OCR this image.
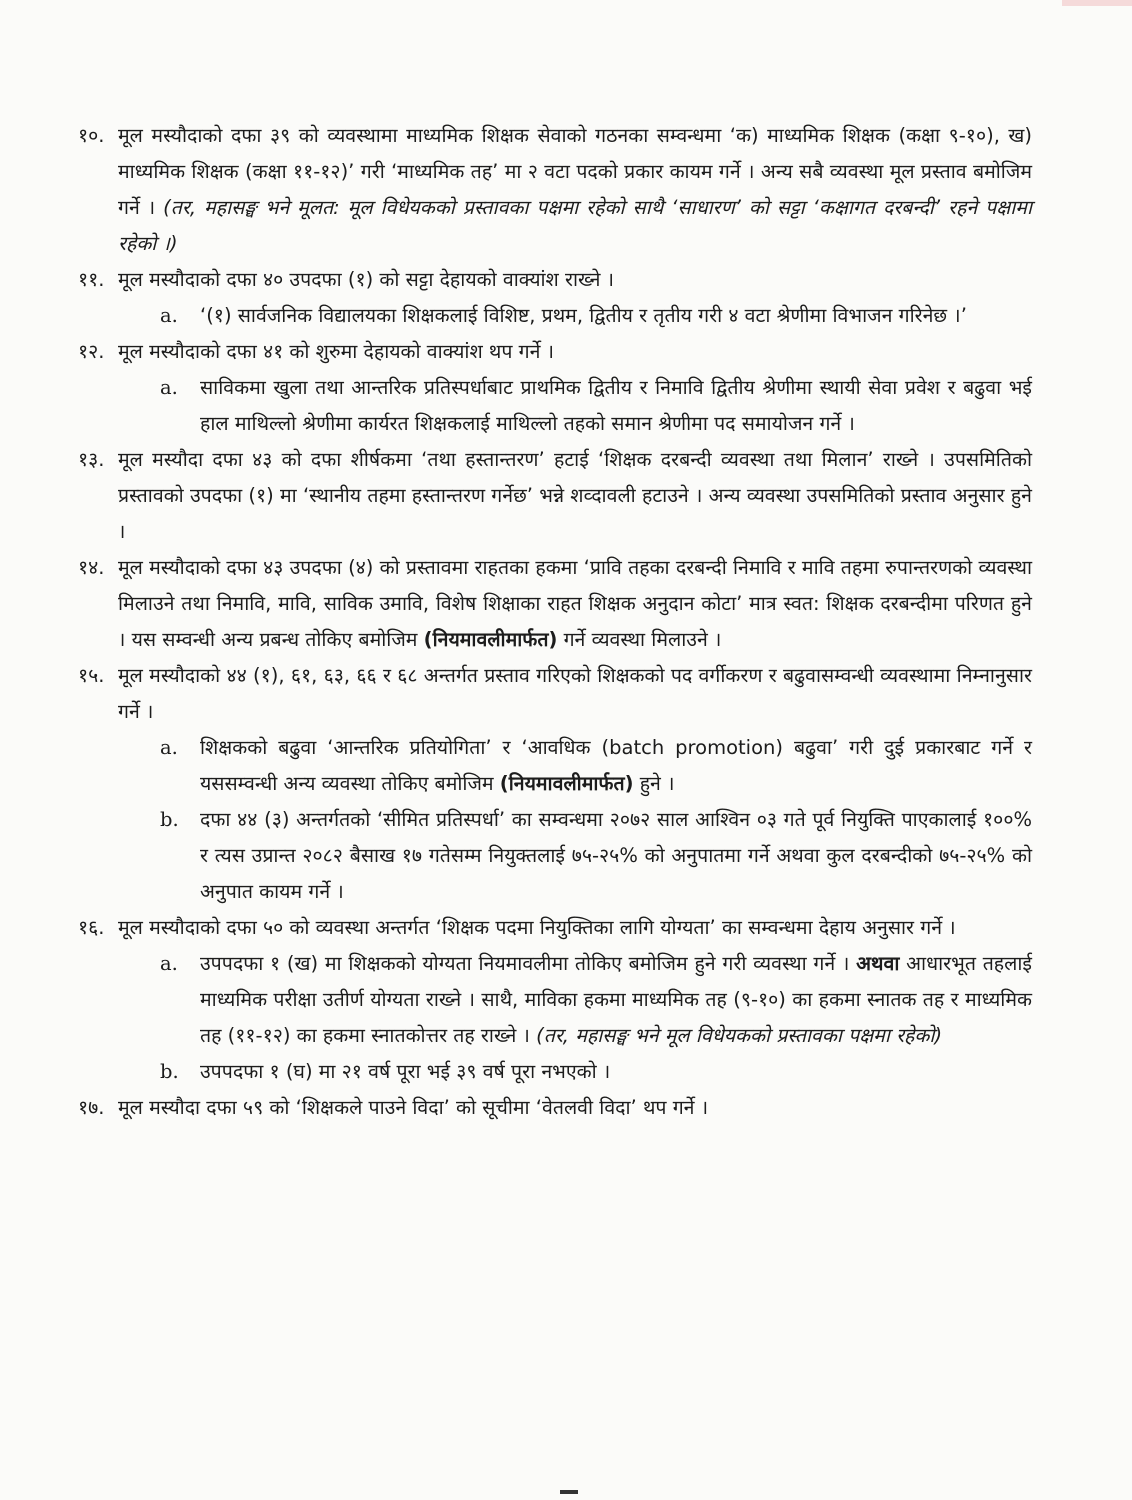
१०. मूल मस्यौदाको दफा ३९ को व्यवस्थामा माध्यमिक शिक्षक सेवाको गठनका सम्वन्धमा ‘क) माध्यमिक शिक्षक (कक्षा ९-१०), ख) माध्यमिक शिक्षक (कक्षा ११-१२)’ गरी ‘माध्यमिक तह’ मा २ वटा पदको प्रकार कायम गर्ने । अन्य सबै व्यवस्था मूल प्रस्ताव बमोजिम गर्ने । (तर, महासङ्घ भने मूलत: मूल विधेयकको प्रस्तावका पक्षमा रहेको साथै ‘साधारण’ को सट्टा ‘कक्षागत दरबन्दी’ रहने पक्षामा रहेको ।)
११. मूल मस्यौदाको दफा ४० उपदफा (१) को सट्टा देहायको वाक्यांश राख्ने ।
a. ‘(१) सार्वजनिक विद्यालयका शिक्षकलाई विशिष्ट, प्रथम, द्वितीय र तृतीय गरी ४ वटा श्रेणीमा विभाजन गरिनेछ ।’
१२. मूल मस्यौदाको दफा ४१ को शुरुमा देहायको वाक्यांश थप गर्ने ।
a. साविकमा खुला तथा आन्तरिक प्रतिस्पर्धाबाट प्राथमिक द्वितीय र निमावि द्वितीय श्रेणीमा स्थायी सेवा प्रवेश र बढुवा भई हाल माथिल्लो श्रेणीमा कार्यरत शिक्षकलाई माथिल्लो तहको समान श्रेणीमा पद समायोजन गर्ने ।
१३. मूल मस्यौदा दफा ४३ को दफा शीर्षकमा ‘तथा हस्तान्तरण’ हटाई ‘शिक्षक दरबन्दी व्यवस्था तथा मिलान’ राख्ने । उपसमितिको प्रस्तावको उपदफा (१) मा ‘स्थानीय तहमा हस्तान्तरण गर्नेछ’ भन्ने शव्दावली हटाउने । अन्य व्यवस्था उपसमितिको प्रस्ताव अनुसार हुने ।
१४. मूल मस्यौदाको दफा ४३ उपदफा (४) को प्रस्तावमा राहतका हकमा ‘प्रावि तहका दरबन्दी निमावि र मावि तहमा रुपान्तरणको व्यवस्था मिलाउने तथा निमावि, मावि, साविक उमावि, विशेष शिक्षाका राहत शिक्षक अनुदान कोटा’ मात्र स्वत: शिक्षक दरबन्दीमा परिणत हुने । यस सम्वन्धी अन्य प्रबन्ध तोकिए बमोजिम (नियमावलीमार्फत) गर्ने व्यवस्था मिलाउने ।
१५. मूल मस्यौदाको ४४ (१), ६१, ६३, ६६ र ६८ अन्तर्गत प्रस्ताव गरिएको शिक्षकको पद वर्गीकरण र बढुवासम्वन्धी व्यवस्थामा निम्नानुसार गर्ने ।
a. शिक्षकको बढुवा ‘आन्तरिक प्रतियोगिता’ र ‘आवधिक (batch promotion) बढुवा’ गरी दुई प्रकारबाट गर्ने र यससम्वन्धी अन्य व्यवस्था तोकिए बमोजिम (नियमावलीमार्फत) हुने ।
b. दफा ४४ (३) अन्तर्गतको ‘सीमित प्रतिस्पर्धा’ का सम्वन्धमा २०७२ साल आश्विन ०३ गते पूर्व नियुक्ति पाएकालाई १००% र त्यस उप्रान्त २०८२ बैसाख १७ गतेसम्म नियुक्तलाई ७५-२५% को अनुपातमा गर्ने अथवा कुल दरबन्दीको ७५-२५% को अनुपात कायम गर्ने ।
१६. मूल मस्यौदाको दफा ५० को व्यवस्था अन्तर्गत ‘शिक्षक पदमा नियुक्तिका लागि योग्यता’ का सम्वन्धमा देहाय अनुसार गर्ने ।
a. उपपदफा १ (ख) मा शिक्षकको योग्यता नियमावलीमा तोकिए बमोजिम हुने गरी व्यवस्था गर्ने । अथवा आधारभूत तहलाई माध्यमिक परीक्षा उतीर्ण योग्यता राख्ने । साथै, माविका हकमा माध्यमिक तह (९-१०) का हकमा स्नातक तह र माध्यमिक तह (११-१२) का हकमा स्नातकोत्तर तह राख्ने । (तर, महासङ्घ भने मूल विधेयकको प्रस्तावका पक्षमा रहेको)
b. उपपदफा १ (घ) मा २१ वर्ष पूरा भई ३९ वर्ष पूरा नभएको ।
१७. मूल मस्यौदा दफा ५९ को ‘शिक्षकले पाउने विदा’ को सूचीमा ‘वेतलवी विदा’ थप गर्ने ।
